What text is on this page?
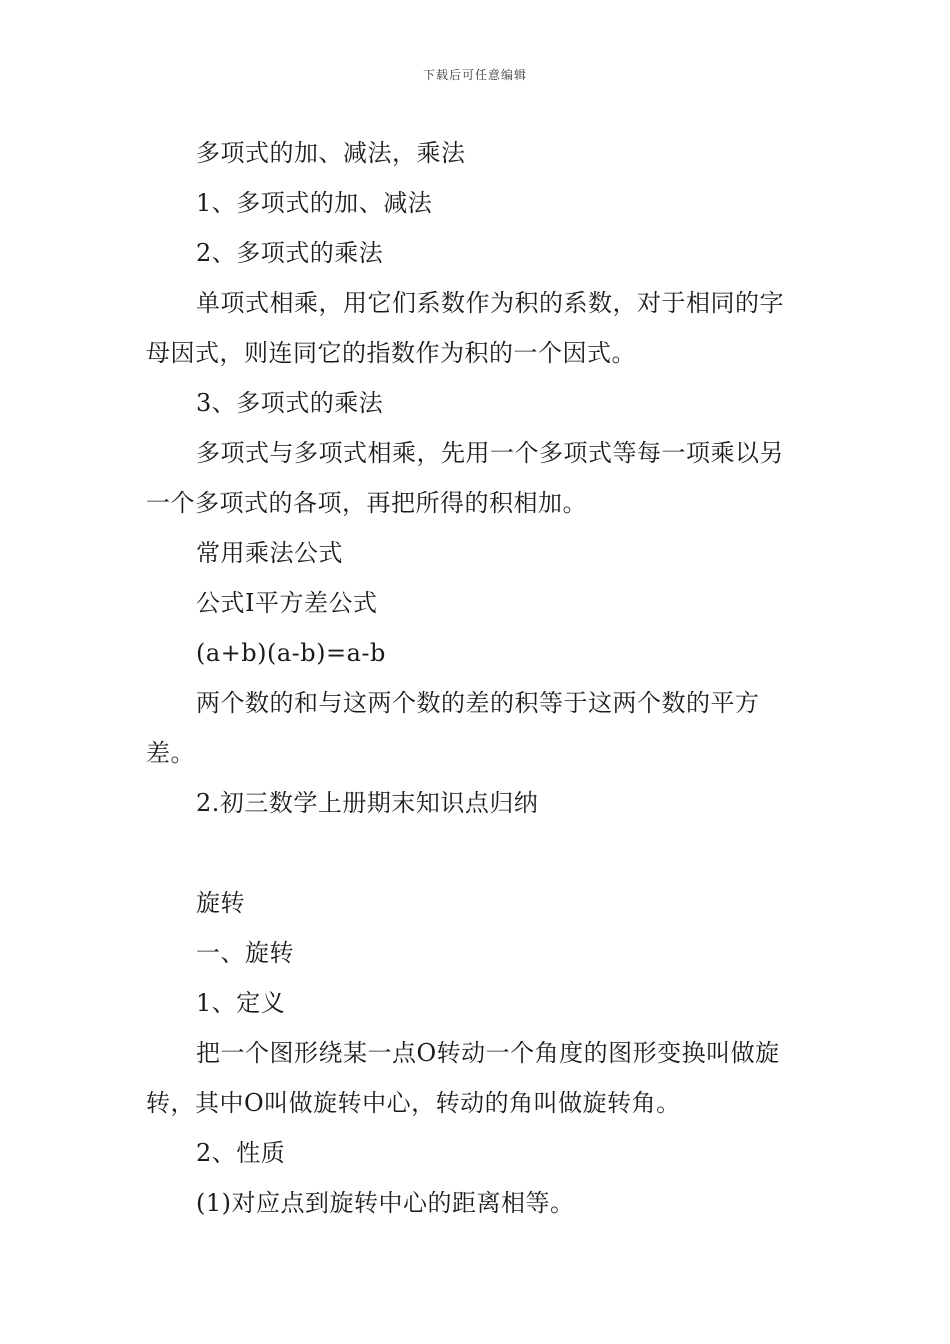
下载后可任意编辑

多项式的加、减法，乘法

1、多项式的加、减法

2、多项式的乘法

单项式相乘，用它们系数作为积的系数，对于相同的字母因式，则连同它的指数作为积的一个因式。

3、多项式的乘法

多项式与多项式相乘，先用一个多项式等每一项乘以另一个多项式的各项，再把所得的积相加。

常用乘法公式

公式Ⅰ平方差公式

(a+b)(a-b)=a-b

两个数的和与这两个数的差的积等于这两个数的平方差。

2.初三数学上册期末知识点归纳

旋转

一、旋转

1、定义

把一个图形绕某一点O转动一个角度的图形变换叫做旋转，其中O叫做旋转中心，转动的角叫做旋转角。

2、性质

(1)对应点到旋转中心的距离相等。
